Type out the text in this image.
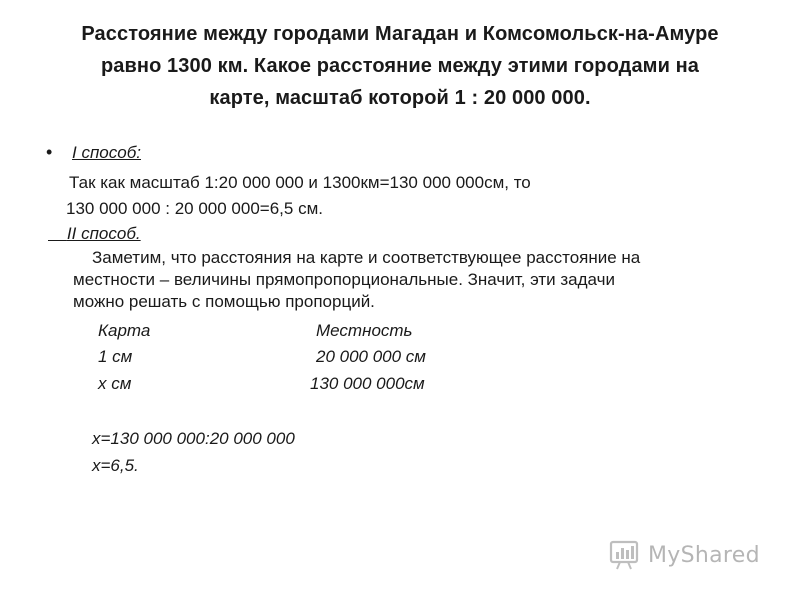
Расстояние между городами Магадан и Комсомольск-на-Амуре
равно 1300 км. Какое расстояние между этими городами на
карте, масштаб которой 1 : 20 000 000.
• I способ:
Так как масштаб 1:20 000 000 и 1300км=130 000 000см, то
130 000 000 : 20 000 000=6,5 см.
II способ.
Заметим, что расстояния на карте и соответствующее расстояние на
местности – величины прямопропорциональные. Значит, эти задачи
можно решать с помощью пропорций.
Карта	Местность
1 см	20 000 000 см
х см	130 000 000см
х=130 000 000:20 000 000
х=6,5.
MyShared
